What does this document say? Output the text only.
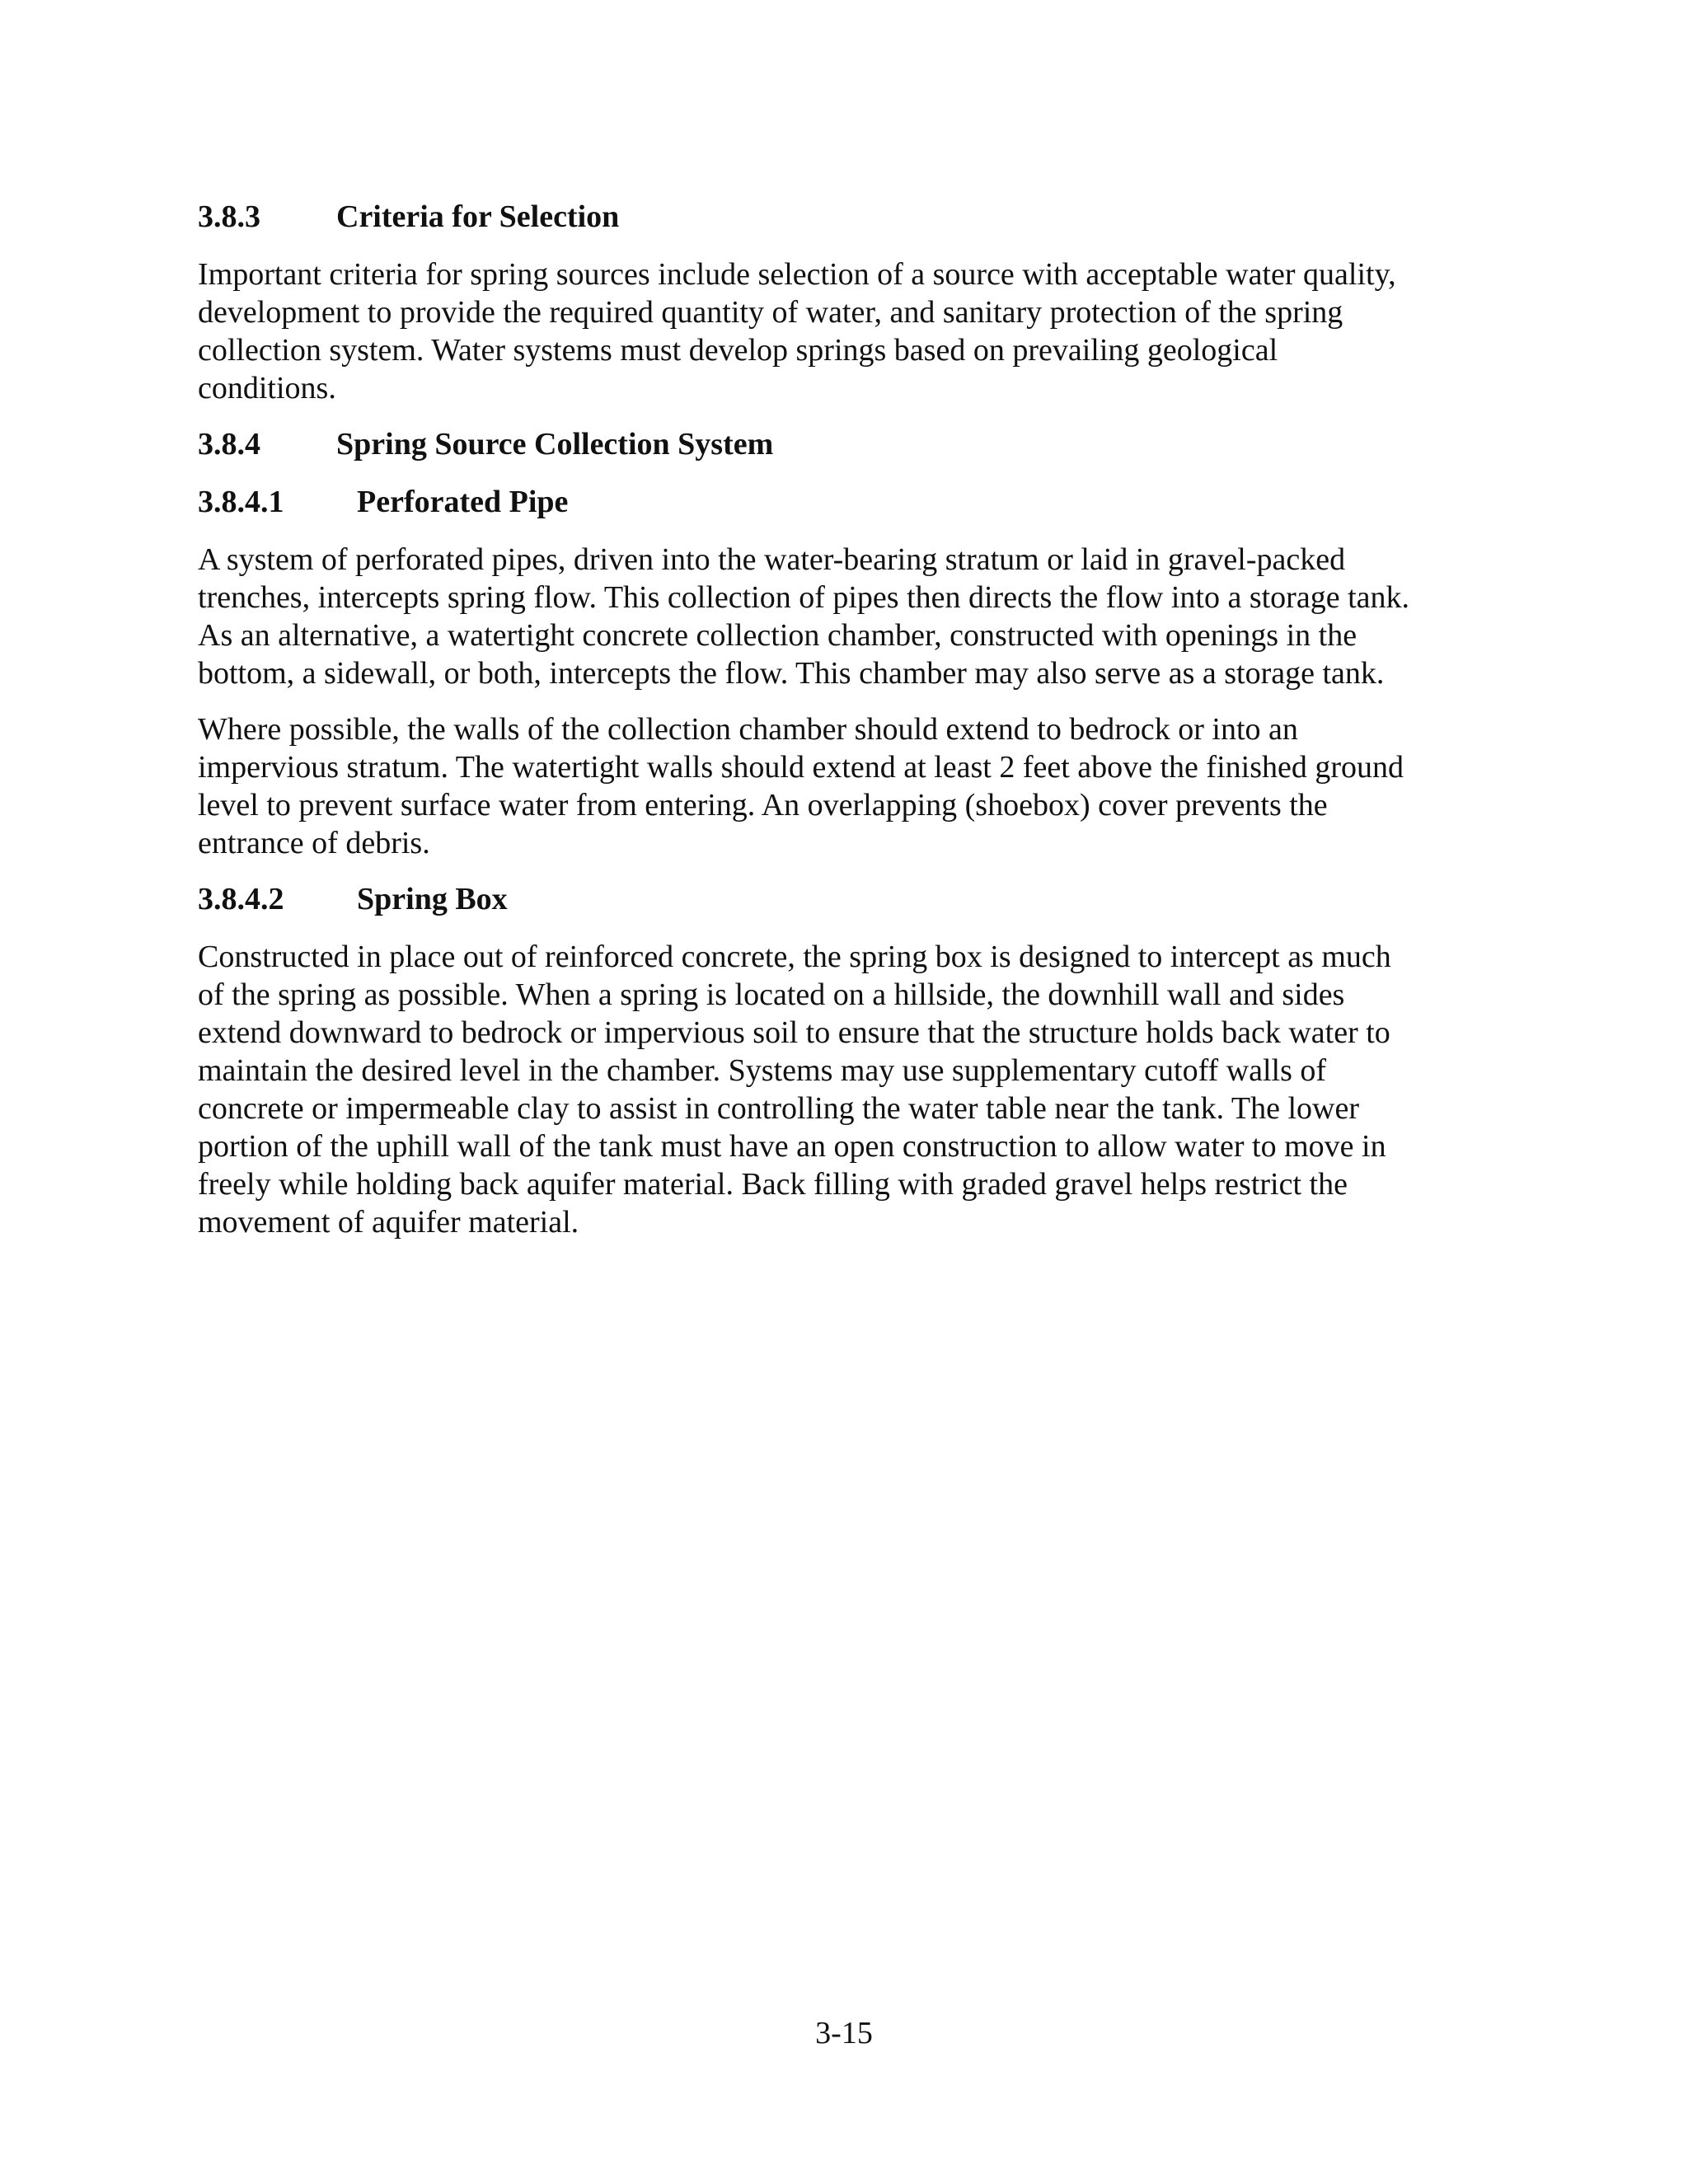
3.8.3	Criteria for Selection
Important criteria for spring sources include selection of a source with acceptable water quality,
development to provide the required quantity of water, and sanitary protection of the spring
collection system. Water systems must develop springs based on prevailing geological
conditions.
3.8.4	Spring Source Collection System
3.8.4.1	Perforated Pipe
A system of perforated pipes, driven into the water-bearing stratum or laid in gravel-packed
trenches, intercepts spring flow. This collection of pipes then directs the flow into a storage tank.
As an alternative, a watertight concrete collection chamber, constructed with openings in the
bottom, a sidewall, or both, intercepts the flow. This chamber may also serve as a storage tank.
Where possible, the walls of the collection chamber should extend to bedrock or into an
impervious stratum. The watertight walls should extend at least 2 feet above the finished ground
level to prevent surface water from entering. An overlapping (shoebox) cover prevents the
entrance of debris.
3.8.4.2	Spring Box
Constructed in place out of reinforced concrete, the spring box is designed to intercept as much
of the spring as possible. When a spring is located on a hillside, the downhill wall and sides
extend downward to bedrock or impervious soil to ensure that the structure holds back water to
maintain the desired level in the chamber. Systems may use supplementary cutoff walls of
concrete or impermeable clay to assist in controlling the water table near the tank. The lower
portion of the uphill wall of the tank must have an open construction to allow water to move in
freely while holding back aquifer material. Back filling with graded gravel helps restrict the
movement of aquifer material.
3-15
